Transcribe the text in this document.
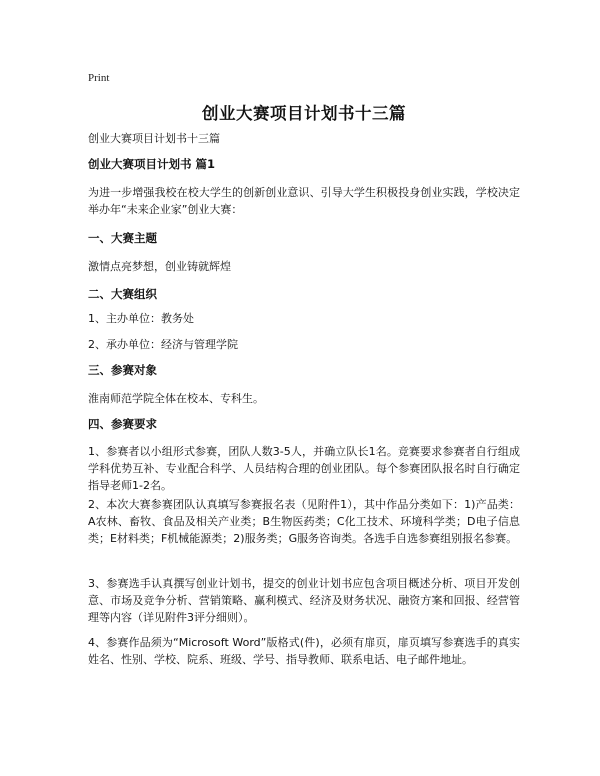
Print
创业大赛项目计划书十三篇

创业大赛项目计划书十三篇

创业大赛项目计划书 篇1

为进一步增强我校在校大学生的创新创业意识、引导大学生积极投身创业实践，学校决定举办年“未来企业家”创业大赛：

一、大赛主题

激情点亮梦想，创业铸就辉煌

二、大赛组织

1、主办单位：教务处

2、承办单位：经济与管理学院

三、参赛对象

淮南师范学院全体在校本、专科生。

四、参赛要求

1、参赛者以小组形式参赛，团队人数3-5人，并确立队长1名。竞赛要求参赛者自行组成学科优势互补、专业配合科学、人员结构合理的创业团队。每个参赛团队报名时自行确定指导老师1-2名。

2、本次大赛参赛团队认真填写参赛报名表（见附件1），其中作品分类如下：1)产品类：A农林、畜牧、食品及相关产业类；B生物医药类；C化工技术、环境科学类；D电子信息类；E材料类；F机械能源类；2)服务类；G服务咨询类。各选手自选参赛组别报名参赛。

3、参赛选手认真撰写创业计划书，提交的创业计划书应包含项目概述分析、项目开发创意、市场及竞争分析、营销策略、赢利模式、经济及财务状况、融资方案和回报、经营管理等内容（详见附件3评分细则）。

4、参赛作品须为“Microsoft Word”版格式(件)，必须有扉页，扉页填写参赛选手的真实姓名、性别、学校、院系、班级、学号、指导教师、联系电话、电子邮件地址。
